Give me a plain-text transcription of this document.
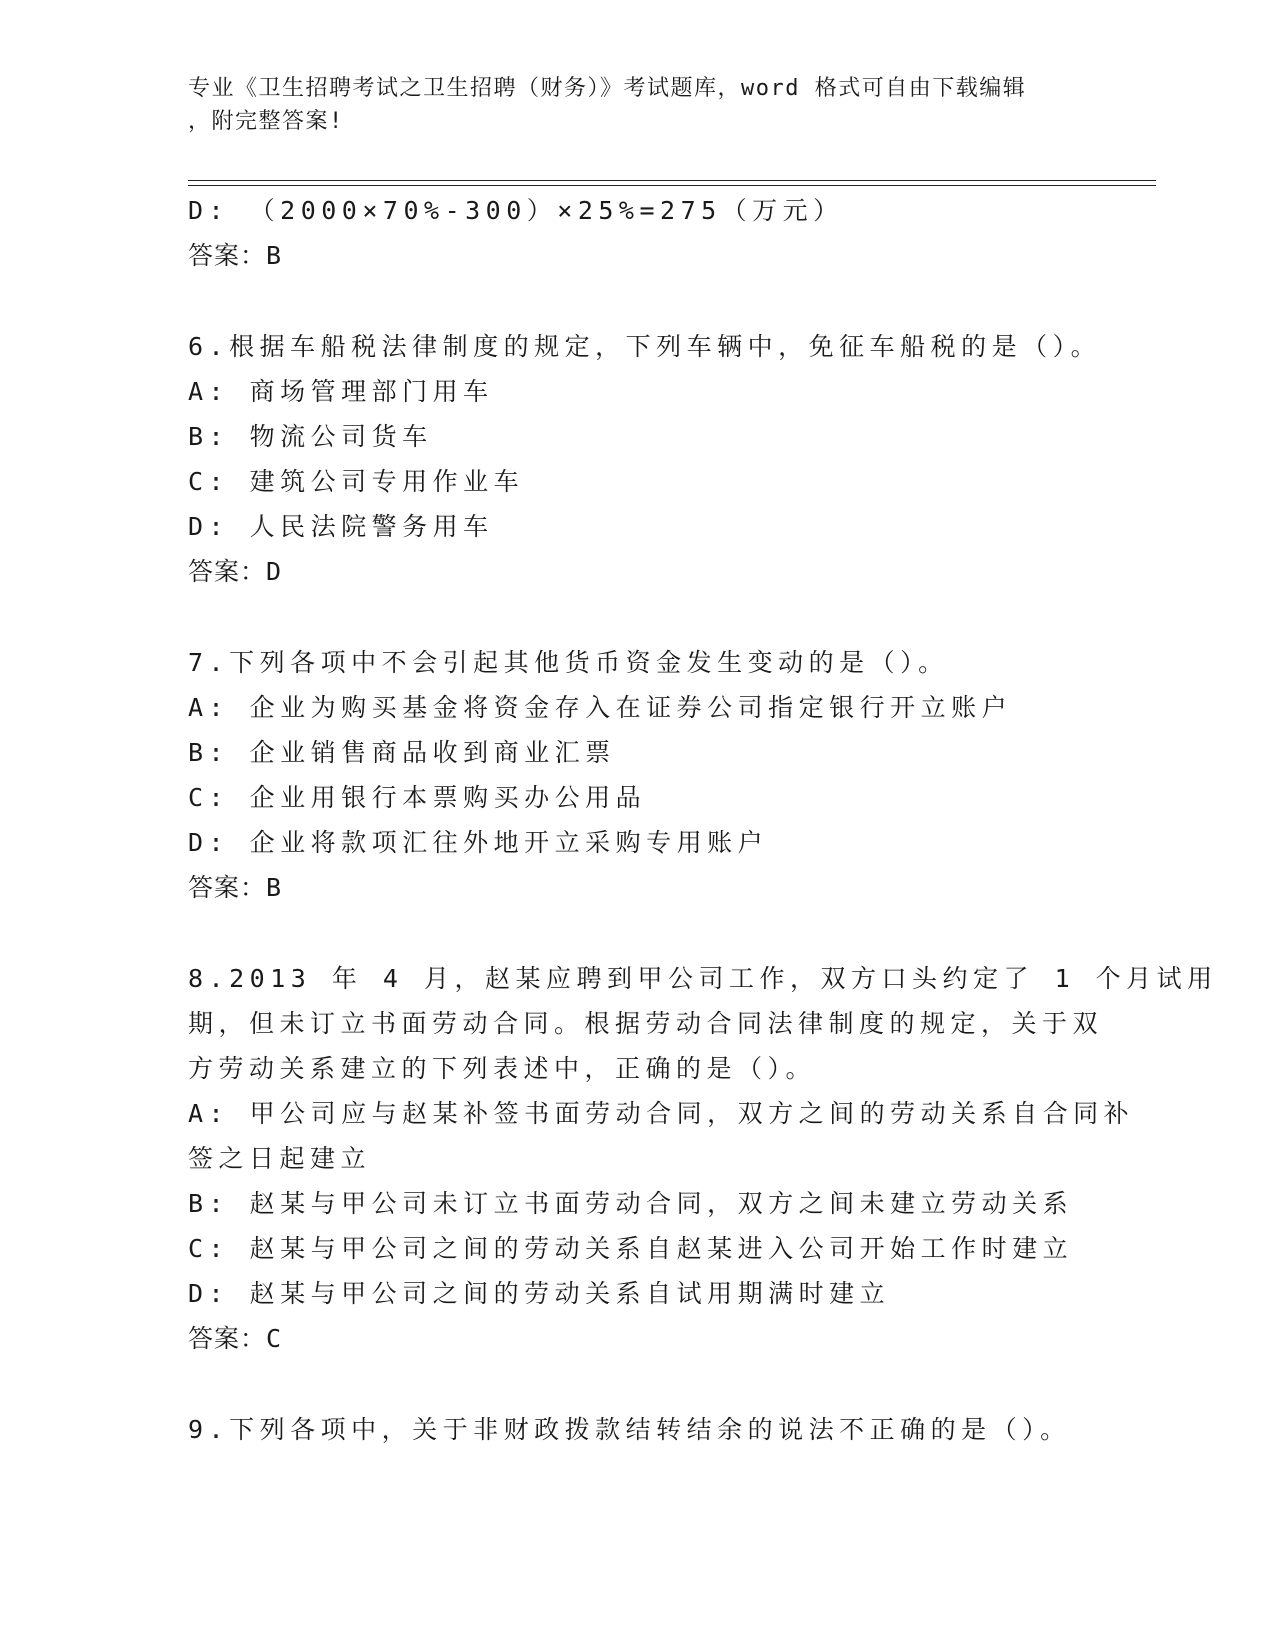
专业《卫生招聘考试之卫生招聘（财务）》考试题库，word 格式可自由下载编辑
，附完整答案!
D: （2000×70%-300）×25%=275（万元）
答案：B
6.根据车船税法律制度的规定，下列车辆中，免征车船税的是（）。
A: 商场管理部门用车
B: 物流公司货车
C: 建筑公司专用作业车
D: 人民法院警务用车
答案：D
7.下列各项中不会引起其他货币资金发生变动的是（）。
A: 企业为购买基金将资金存入在证券公司指定银行开立账户
B: 企业销售商品收到商业汇票
C: 企业用银行本票购买办公用品
D: 企业将款项汇往外地开立采购专用账户
答案：B
8.2013 年 4 月，赵某应聘到甲公司工作，双方口头约定了 1 个月试用
期，但未订立书面劳动合同。根据劳动合同法律制度的规定，关于双
方劳动关系建立的下列表述中，正确的是（）。
A: 甲公司应与赵某补签书面劳动合同，双方之间的劳动关系自合同补
签之日起建立
B: 赵某与甲公司未订立书面劳动合同，双方之间未建立劳动关系
C: 赵某与甲公司之间的劳动关系自赵某进入公司开始工作时建立
D: 赵某与甲公司之间的劳动关系自试用期满时建立
答案：C
9.下列各项中，关于非财政拨款结转结余的说法不正确的是（）。
